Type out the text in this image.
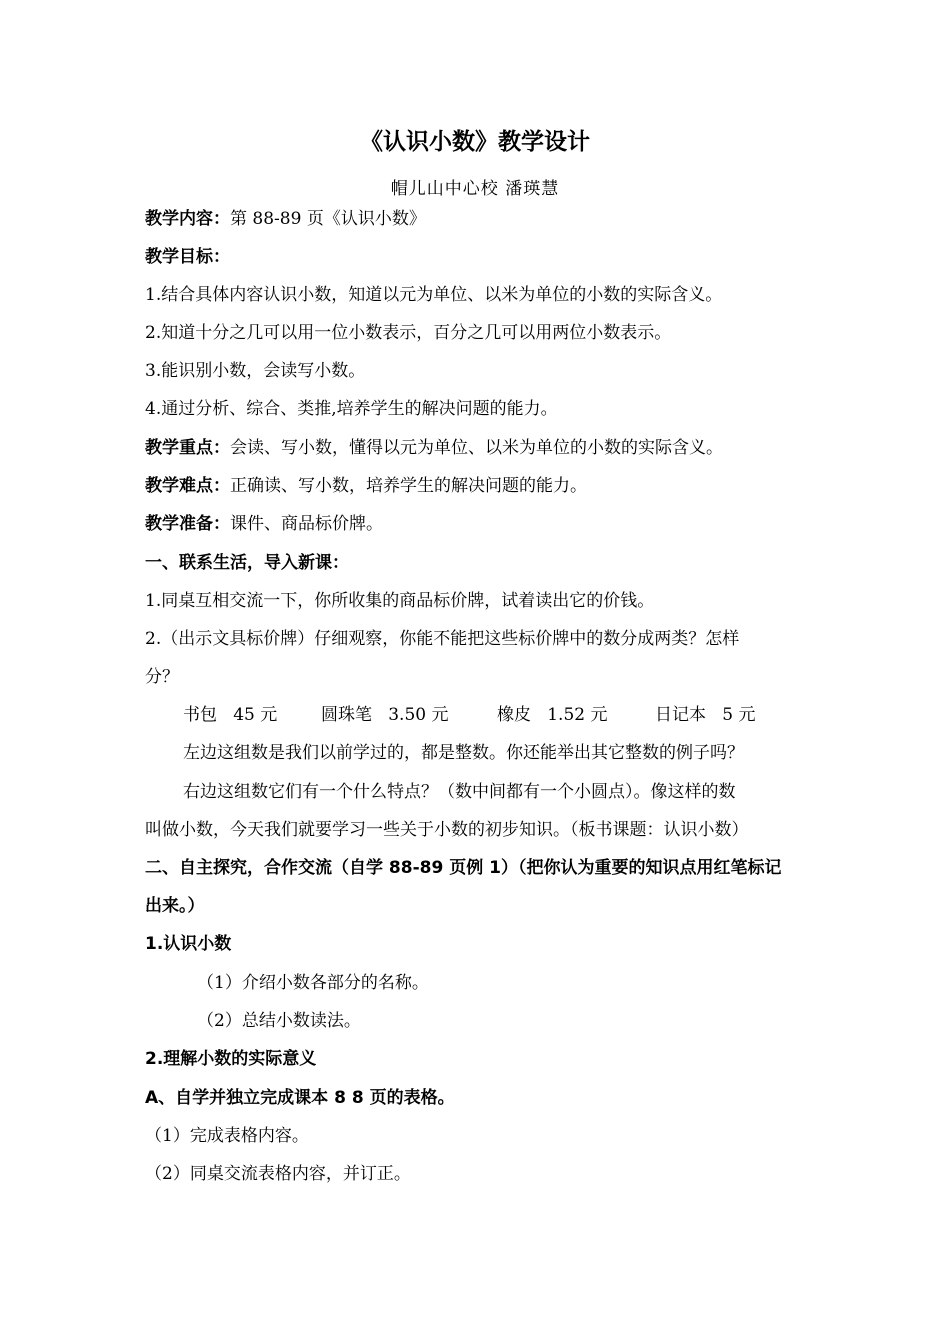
《认识小数》教学设计
帽儿山中心校 潘瑛慧
教学内容：第 88-89 页《认识小数》
教学目标：
1.结合具体内容认识小数，知道以元为单位、以米为单位的小数的实际含义。
2.知道十分之几可以用一位小数表示，百分之几可以用两位小数表示。
3.能识别小数，会读写小数。
4.通过分析、综合、类推,培养学生的解决问题的能力。
教学重点：会读、写小数，懂得以元为单位、以米为单位的小数的实际含义。
教学难点：正确读、写小数，培养学生的解决问题的能力。
教学准备：课件、商品标价牌。
一、联系生活，导入新课：
1.同桌互相交流一下，你所收集的商品标价牌，试着读出它的价钱。
2.（出示文具标价牌）仔细观察，你能不能把这些标价牌中的数分成两类？怎样
分？
书包 45 元	圆珠笔 3.50 元	橡皮 1.52 元	日记本 5 元
左边这组数是我们以前学过的，都是整数。你还能举出其它整数的例子吗？
右边这组数它们有一个什么特点？（数中间都有一个小圆点）。像这样的数
叫做小数，今天我们就要学习一些关于小数的初步知识。（板书课题：认识小数）
二、自主探究，合作交流（自学 88-89 页例 1）（把你认为重要的知识点用红笔标记
出来。）
1.认识小数
（1）介绍小数各部分的名称。
（2）总结小数读法。
2.理解小数的实际意义
A、自学并独立完成课本 8 8 页的表格。
（1）完成表格内容。
（2）同桌交流表格内容，并订正。
